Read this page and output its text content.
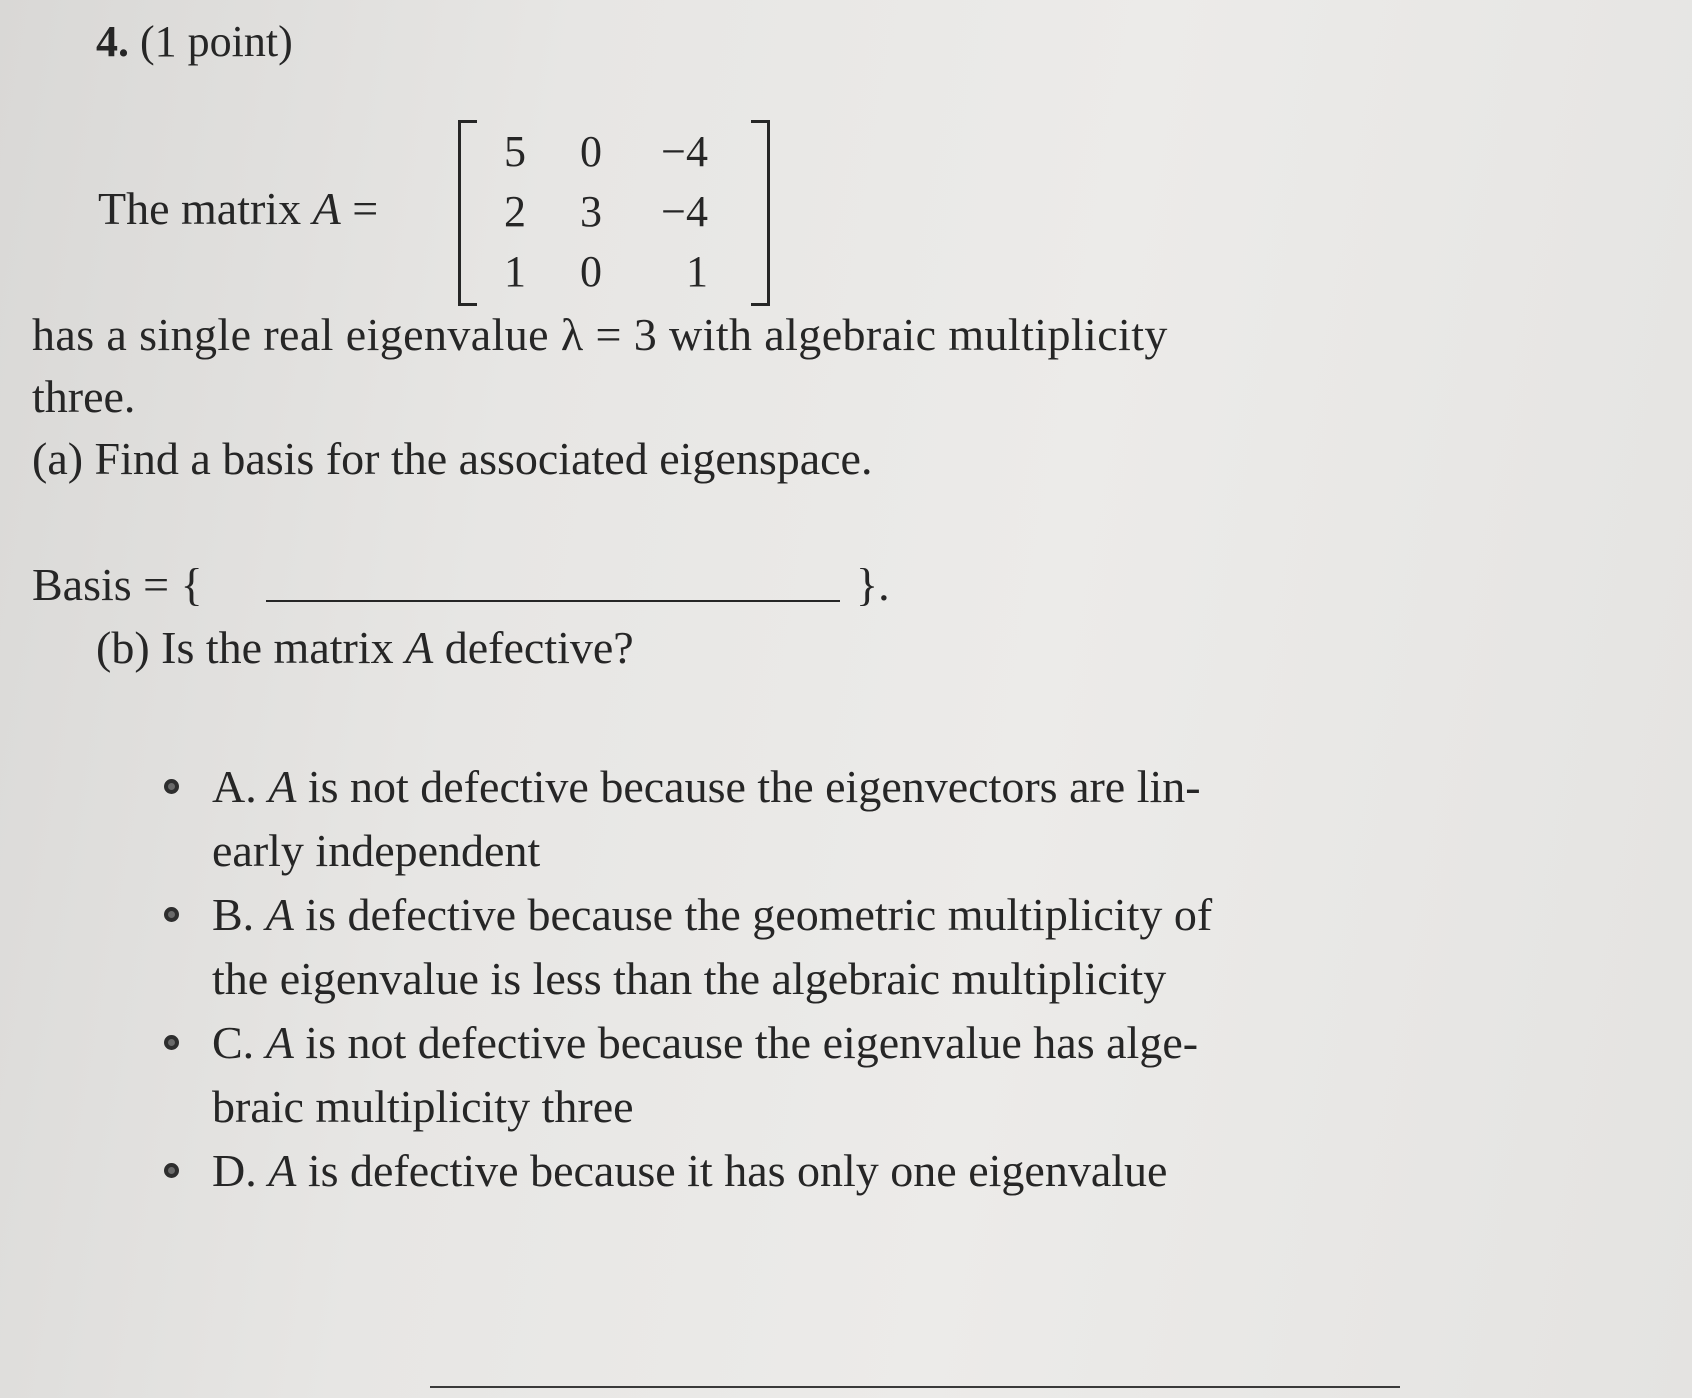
4. (1 point)
The matrix A =
5	0	−4
2	3	−4
1	0	1
has a single real eigenvalue λ = 3 with algebraic multiplicity
three.
(a) Find a basis for the associated eigenspace.
Basis = {	}.
(b) Is the matrix A defective?
A. A is not defective because the eigenvectors are lin-
early independent
B. A is defective because the geometric multiplicity of
the eigenvalue is less than the algebraic multiplicity
C. A is not defective because the eigenvalue has alge-
braic multiplicity three
D. A is defective because it has only one eigenvalue
